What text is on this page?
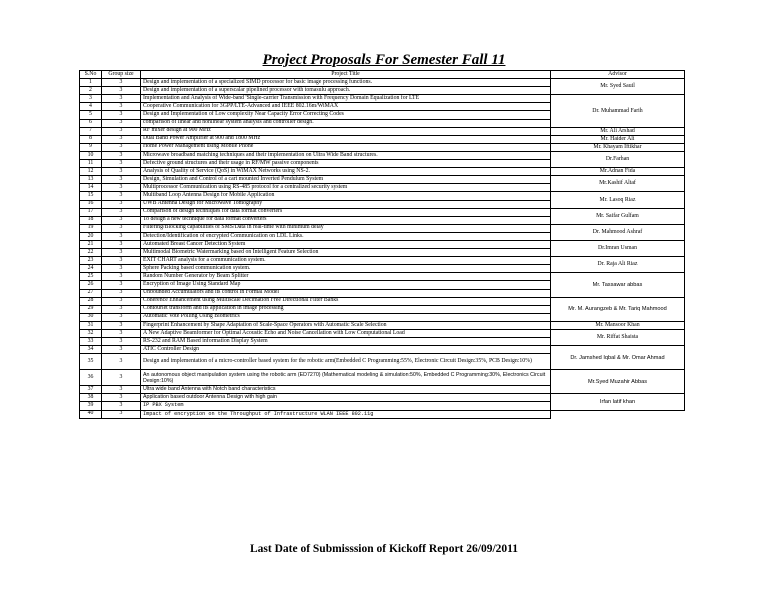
Project Proposals For Semester Fall 11
S.No	Group size	Project Title	Advisor
1	3	Design and implementation of a specialized SIMD processor for basic image processing functions.	Mr. Syed Sauil
2	3	Design and implementation of a superscalar pipelined processor with tomasulu approach.	
3	3	Implementation and Analysis of Wide-band 'Single-carrier Transmission with Frequency Domain Equalization for LTE	Dr. Muhammad Farih
4	3	Cooperative Communication for 3GPP/LTE-Advanced and IEEE 802.16m/WiMAX	
5	3	Design and Implementation of Low complexity Near Capacity Error Correcting Codes	
6	3	comparison of linear and nonlinear system analysis and controller design.	
7	3	RF mixer design at 900 MHz	Mr. Ali Arshad
8	3	Dual Band Power Amplifier at 900 and 1800 MHz	Mr. Haider Ali
9	3	Home Power Management using Mobile Phone	Mr. Khayam Iftikhar
10	3	Microwave broadband matching techniques and their implementation on Ultra Wide Band structures.	Dr.Farhan
11	3	Defective ground structures and their usage in RF/MW passive components	
12	3	Analysis of Quality of Service (QoS) in WiMAX Networks using NS-2.	Mr.Adnan Fida
13	3	Design, Simulation and Control of a cart mounted Inverted Pendulum System	Mr.Kashif Altaf
14	3	Multiprocessor Communication using RS-485 protocol for a centralized security system	
15	3	Multiband Loop Antenna Design for Mobile Application	Mr. Lasoq Riaz
16	3	UWB Antenna Design for Microwave Tomography	
17	3	Comparison of design techniques for data format converters	Mr. Saifar Gulfam
18	3	To design a new technique for data format converters	
19	3	Filtering/Blocking capabilities of SMS/Data in real-time with minimum delay	Dr. Mahmood Ashraf
20	3	Detection/Identification of encrypted Communication on LDL Links.	
21	3	Automated Breast Cancer Detection System	Dr.Imran Usman
22	3	Multimodal Biometric Watermarking based on Intelligent Feature Selection	
23	3	EXIT CHART analysis for a communication system.	Dr. Raja Ali Riaz
24	3	Sphere Packing based communication system.	
25	3	Random Number Generator by Beam Splitter	Mr. Tassawar abbas
26	3	Encryption of Image Using Standard Map	
27	3	Unbounded Accumulators and its control in Formal Model	
28	3	Coherence Enhancement using Multiscale Decimation Free Directional Filter Banks	Mr. M. Aurangzeb & Mr. Tariq Mahmood
29	3	Contourlet transform and its application in image processing	
30	3	Automatic Vote Polling Using Biometrics	
31	3	Fingerprint Enhancement by Shape Adaptation of Scale-Space Operators with Automatic Scale Selection	Mr. Mansoor Khan
32	3	A New Adaptive Beamformer for Optimal Acoustic Echo and Noise Cancellation with Low Computational Load	Mr. Riffat Shaista
33	3	RS-232 and RAM Based information Display System	
34	3	ATIC Controller Design	Dr. Jamshed Iqbal & Mr. Omar Ahmad
35	3	Design and implementation of a micro-controller based system for the robotic arm(Embedded C Programming:55%, Electronic Circuit Design:35%, PCB Design:10%)	
36	3	An autonomous object manipulation system using the robotic arm (ED7270) (Mathematical modeling & simulation:50%, Embedded C Programming:30%, Electronics Circuit Design:10%)	Mr.Syed Muzahir Abbas
37	3	Ultra wide band Antenna with Notch band characteristics	
38	3	Application based outdoor Antenna Design with high gain	Irfan latif khan
39	3	IP PBX System	
40	3	Impact of encryption on the Throughput of Infrastructure WLAN IEEE 802.11g	
Last Date of Submisssion of Kickoff Report 26/09/2011
